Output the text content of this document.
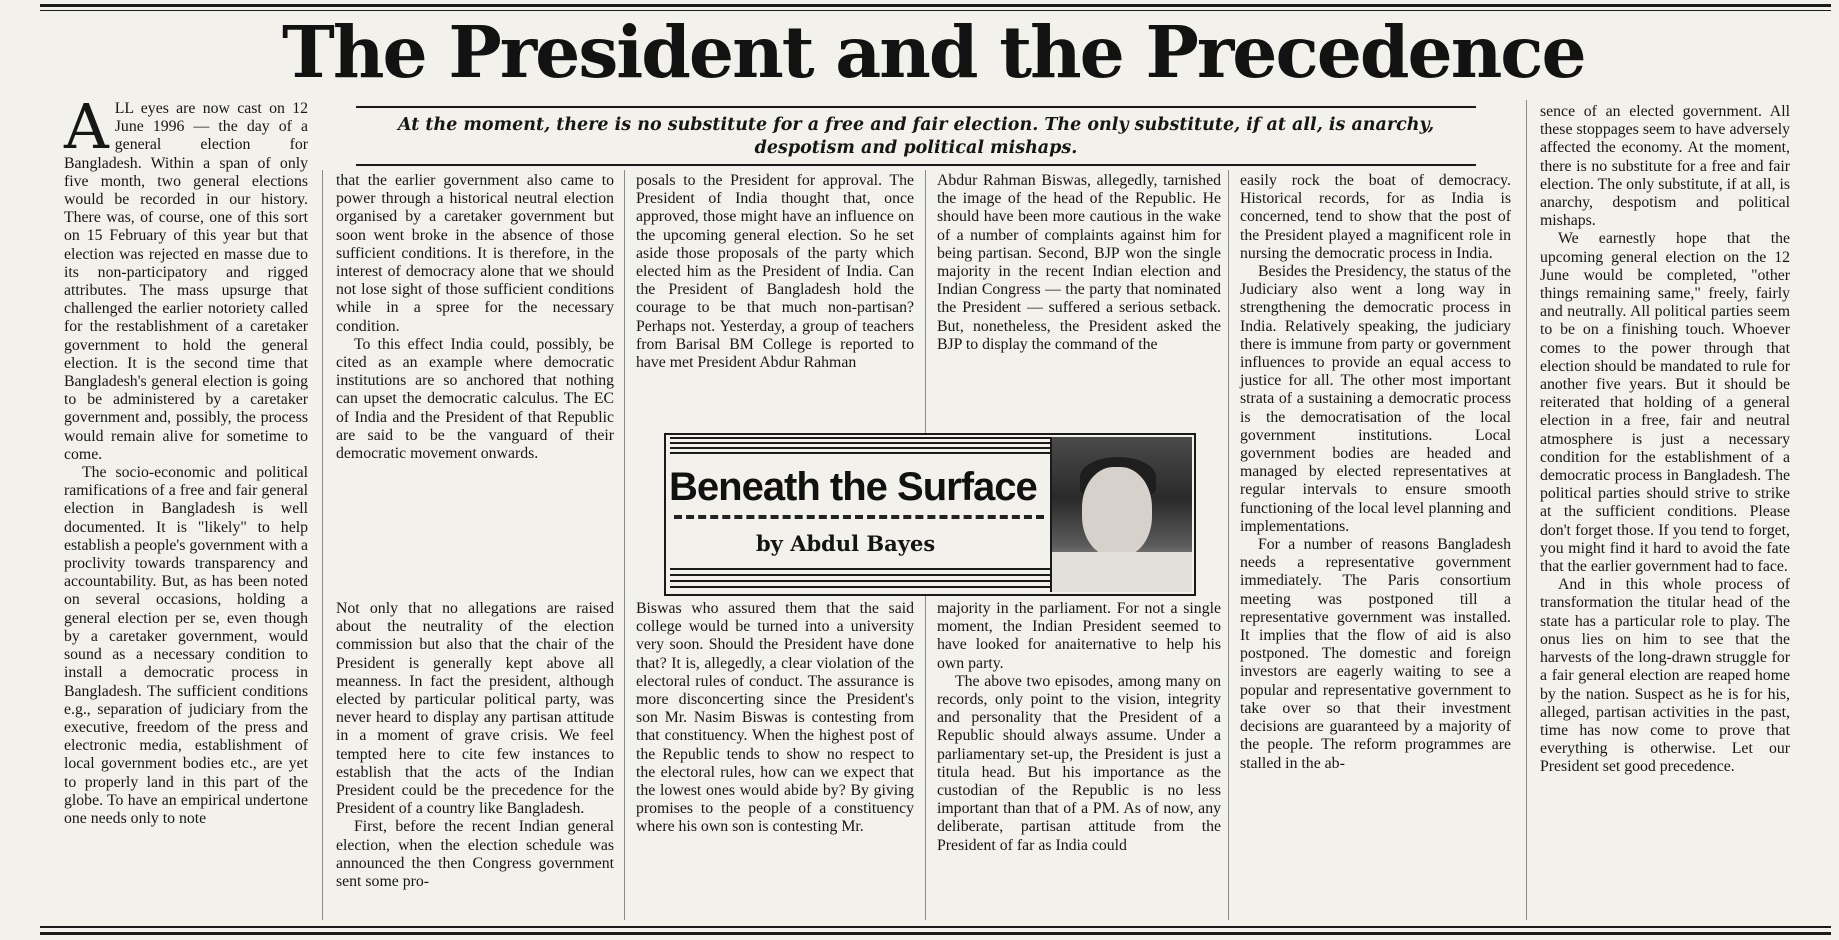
The President and the Precedence
At the moment, there is no substitute for a free and fair election. The only substitute, if at all, is anarchy, despotism and political mishaps.
A LL eyes are now cast on 12 June 1996 — the day of a general election for Bangladesh. Within a span of only five month, two general elections would be recorded in our history. There was, of course, one of this sort on 15 February of this year but that election was rejected en masse due to its non-participatory and rigged attributes. The mass upsurge that challenged the earlier notoriety called for the restablishment of a caretaker government to hold the general election. It is the second time that Bangladesh's general election is going to be administered by a caretaker government and, possibly, the process would remain alive for sometime to come.

The socio-economic and political ramifications of a free and fair general election in Bangladesh is well documented. It is "likely" to help establish a people's government with a proclivity towards transparency and accountability. But, as has been noted on several occasions, holding a general election per se, even though by a caretaker government, would sound as a necessary condition to install a democratic process in Bangladesh. The sufficient conditions e.g., separation of judiciary from the executive, freedom of the press and electronic media, establishment of local government bodies etc., are yet to properly land in this part of the globe. To have an empirical undertone one needs only to note

that the earlier government also came to power through a historical neutral election organised by a caretaker government but soon went broke in the absence of those sufficient conditions. It is therefore, in the interest of democracy alone that we should not lose sight of those sufficient conditions while in a spree for the necessary condition.

To this effect India could, possibly, be cited as an example where democratic institutions are so anchored that nothing can upset the democratic calculus. The EC of India and the President of that Republic are said to be the vanguard of their democratic movement onwards.

posals to the President for approval. The President of India thought that, once approved, those might have an influence on the upcoming general election. So he set aside those proposals of the party which elected him as the President of India. Can the President of Bangladesh hold the courage to be that much non-partisan? Perhaps not. Yesterday, a group of teachers from Barisal BM College is reported to have met President Abdur Rahman

Abdur Rahman Biswas, allegedly, tarnished the image of the head of the Republic. He should have been more cautious in the wake of a number of complaints against him for being partisan. Second, BJP won the single majority in the recent Indian election and Indian Congress — the party that nominated the President — suffered a serious setback. But, nonetheless, the President asked the BJP to display the command of the

easily rock the boat of democracy. Historical records, for as India is concerned, tend to show that the post of the President played a magnificent role in nursing the democratic process in India.

Besides the Presidency, the status of the Judiciary also went a long way in strengthening the democratic process in India. Relatively speaking, the judiciary there is immune from party or government influences to provide an equal access to justice for all. The other most important strata of a sustaining a democratic process is the democratisation of the local government institutions. Local government bodies are headed and managed by elected representatives at regular intervals to ensure smooth functioning of the local level planning and implementations.

For a number of reasons Bangladesh needs a representative government immediately. The Paris consortium meeting was postponed till a representative government was installed. It implies that the flow of aid is also postponed. The domestic and foreign investors are eagerly waiting to see a popular and representative government to take over so that their investment decisions are guaranteed by a majority of the people. The reform programmes are stalled in the ab-

sence of an elected government. All these stoppages seem to have adversely affected the economy. At the moment, there is no substitute for a free and fair election. The only substitute, if at all, is anarchy, despotism and political mishaps.

We earnestly hope that the upcoming general election on the 12 June would be completed, "other things remaining same," freely, fairly and neutrally. All political parties seem to be on a finishing touch. Whoever comes to the power through that election should be mandated to rule for another five years. But it should be reiterated that holding of a general election in a free, fair and neutral atmosphere is just a necessary condition for the establishment of a democratic process in Bangladesh. The political parties should strive to strike at the sufficient conditions. Please don't forget those. If you tend to forget, you might find it hard to avoid the fate that the earlier government had to face.

And in this whole process of transformation the titular head of the state has a particular role to play. The onus lies on him to see that the harvests of the long-drawn struggle for a fair general election are reaped home by the nation. Suspect as he is for his, alleged, partisan activities in the past, time has now come to prove that everything is otherwise. Let our President set good precedence.

Beneath the Surface
by Abdul Bayes

Not only that no allegations are raised about the neutrality of the election commission but also that the chair of the President is generally kept above all meanness. In fact the president, although elected by particular political party, was never heard to display any partisan attitude in a moment of grave crisis. We feel tempted here to cite few instances to establish that the acts of the Indian President could be the precedence for the President of a country like Bangladesh.

First, before the recent Indian general election, when the election schedule was announced the then Congress government sent some pro-

Biswas who assured them that the said college would be turned into a university very soon. Should the President have done that? It is, allegedly, a clear violation of the electoral rules of conduct. The assurance is more disconcerting since the President's son Mr. Nasim Biswas is contesting from that constituency. When the highest post of the Republic tends to show no respect to the electoral rules, how can we expect that the lowest ones would abide by? By giving promises to the people of a constituency where his own son is contesting Mr.

majority in the parliament. For not a single moment, the Indian President seemed to have looked for anaiternative to help his own party.

The above two episodes, among many on records, only point to the vision, integrity and personality that the President of a Republic should always assume. Under a parliamentary set-up, the President is just a titula head. But his importance as the custodian of the Republic is no less important than that of a PM. As of now, any deliberate, partisan attitude from the President of far as India could
